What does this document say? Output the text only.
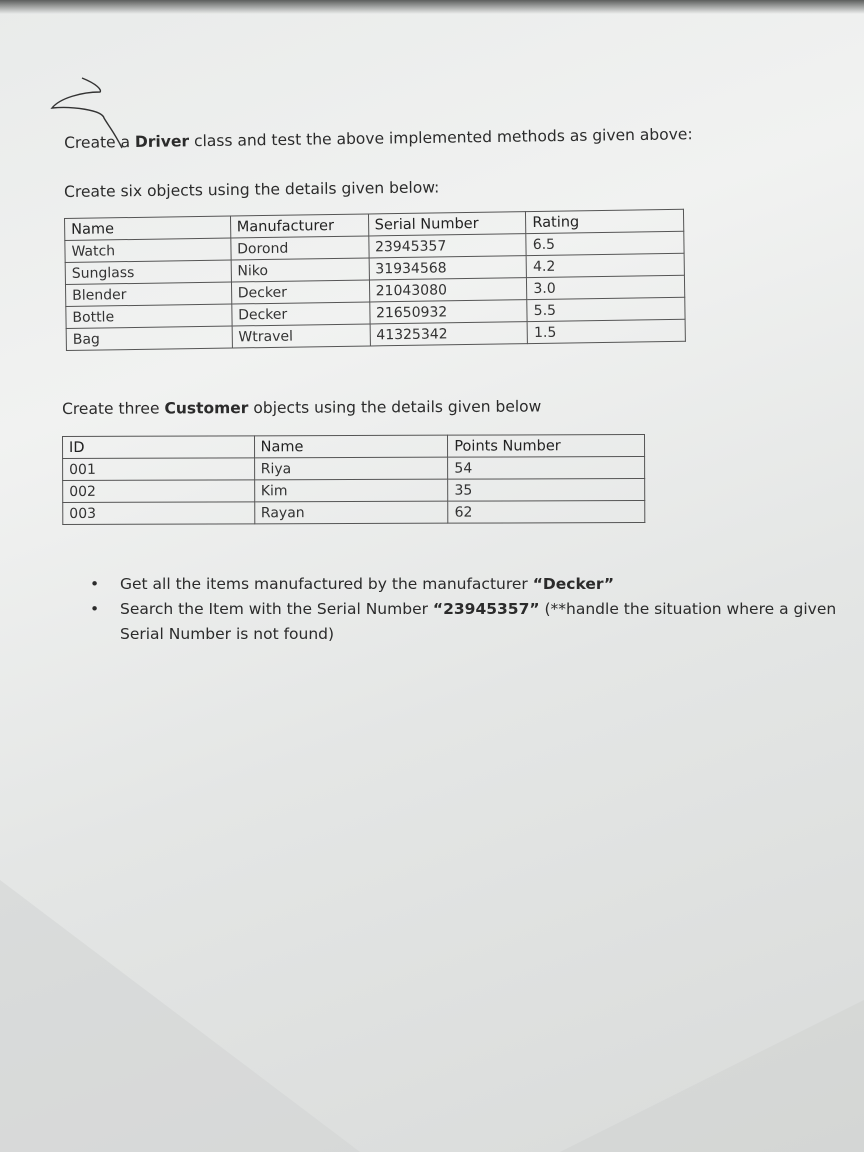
Create a Driver class and test the above implemented methods as given above:
Create six objects using the details given below:
Name	Manufacturer	Serial Number	Rating
Watch	Dorond	23945357	6.5
Sunglass	Niko	31934568	4.2
Blender	Decker	21043080	3.0
Bottle	Decker	21650932	5.5
Bag	Wtravel	41325342	1.5
Create three Customer objects using the details given below
ID	Name	Points Number
001	Riya	54
002	Kim	35
003	Rayan	62
• Get all the items manufactured by the manufacturer “Decker”
• Search the Item with the Serial Number “23945357” (**handle the situation where a given Serial Number is not found)
